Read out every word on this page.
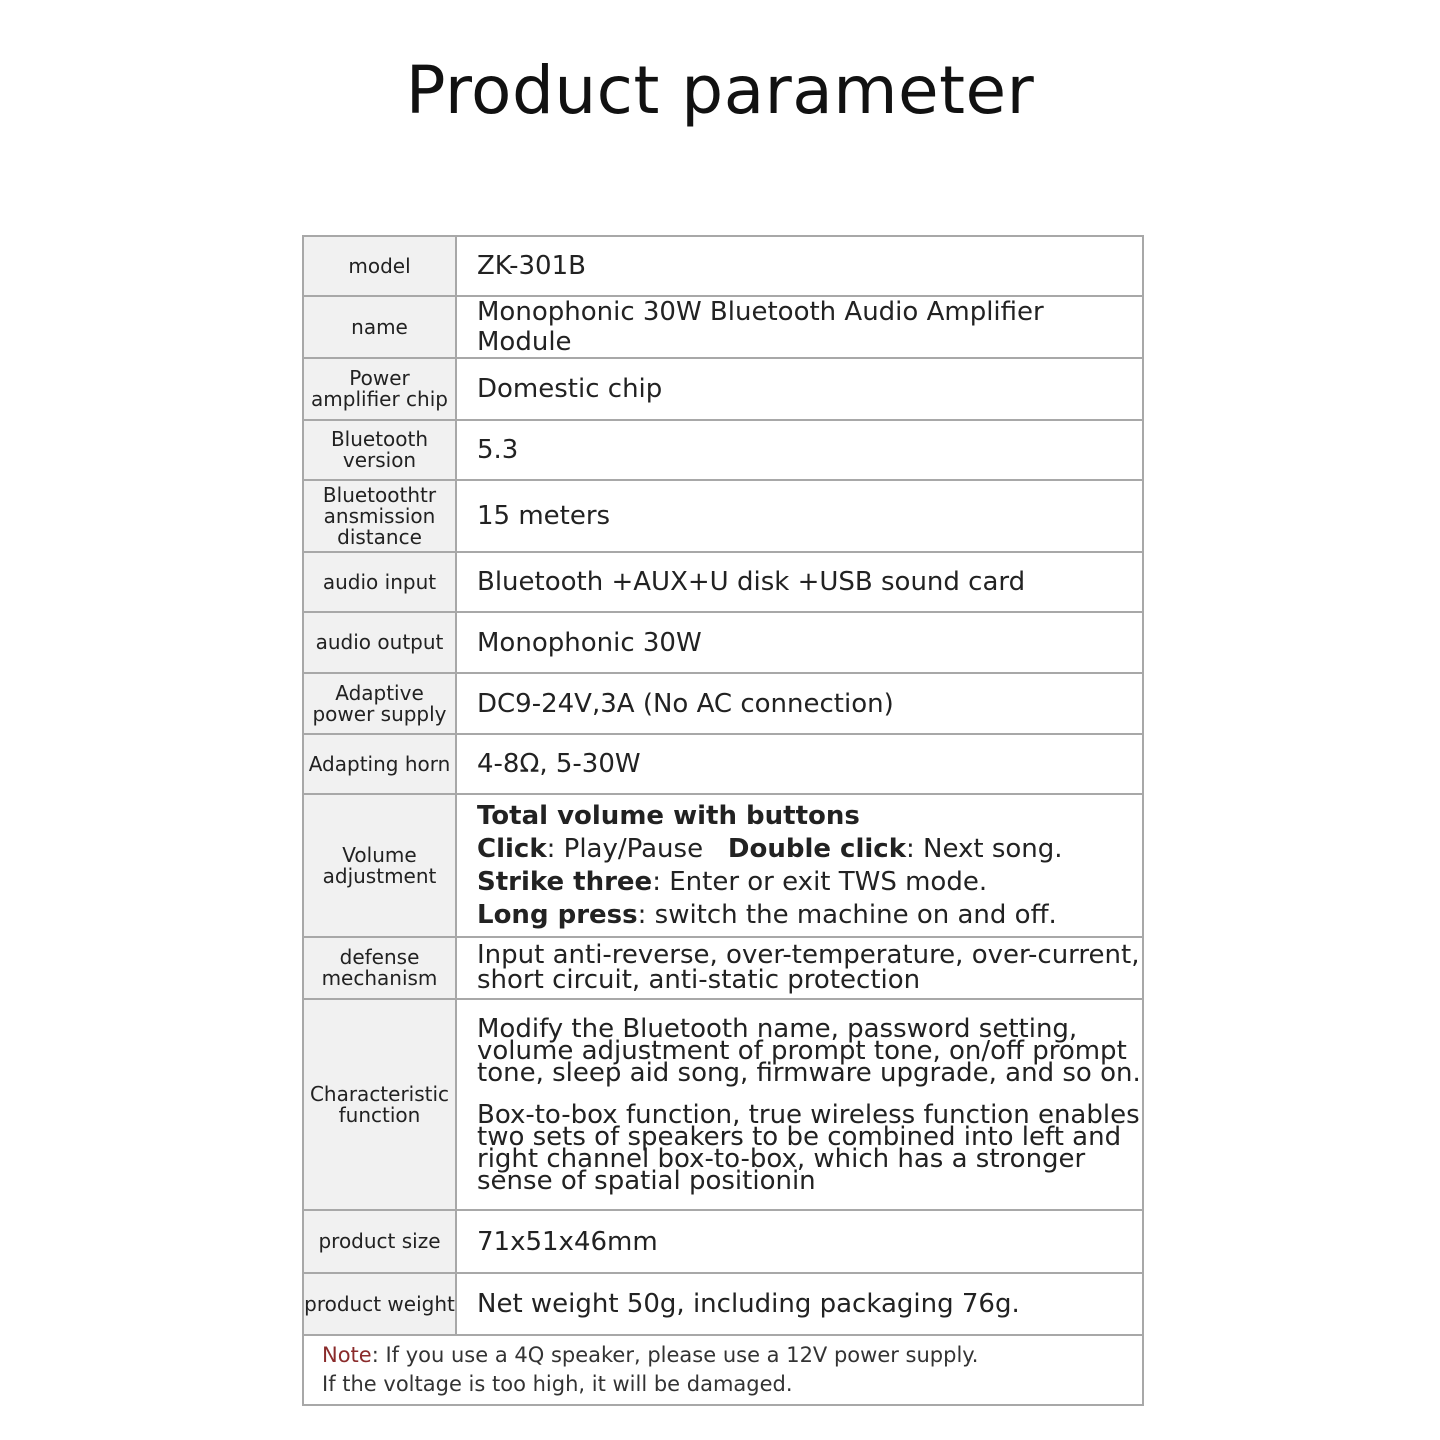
Product parameter
model	ZK-301B
name	Monophonic 30W Bluetooth Audio Amplifier Module
Power amplifier chip	Domestic chip
Bluetooth version	5.3
Bluetoothtr ansmission distance	15 meters
audio input	Bluetooth +AUX+U disk +USB sound card
audio output	Monophonic 30W
Adaptive power supply	DC9-24V,3A (No AC connection)
Adapting horn	4-8Ω, 5-30W
Volume adjustment	Total volume with buttons
Click: Play/Pause Double click: Next song.
Strike three: Enter or exit TWS mode.
Long press: switch the machine on and off.

defense mechanism	Input anti-reverse, over-temperature, over-current, short circuit, anti-static protection
Characteristic function	Modify the Bluetooth name, password setting, volume adjustment of prompt tone, on/off prompt tone, sleep aid song, firmware upgrade, and so on.

Box-to-box function, true wireless function enables two sets of speakers to be combined into left and right channel box-to-box, which has a stronger sense of spatial positionin

product size	71x51x46mm
product weight	Net weight 50g, including packaging 76g.

Note: If you use a 4Q speaker, please use a 12V power supply.
If the voltage is too high, it will be damaged.	
